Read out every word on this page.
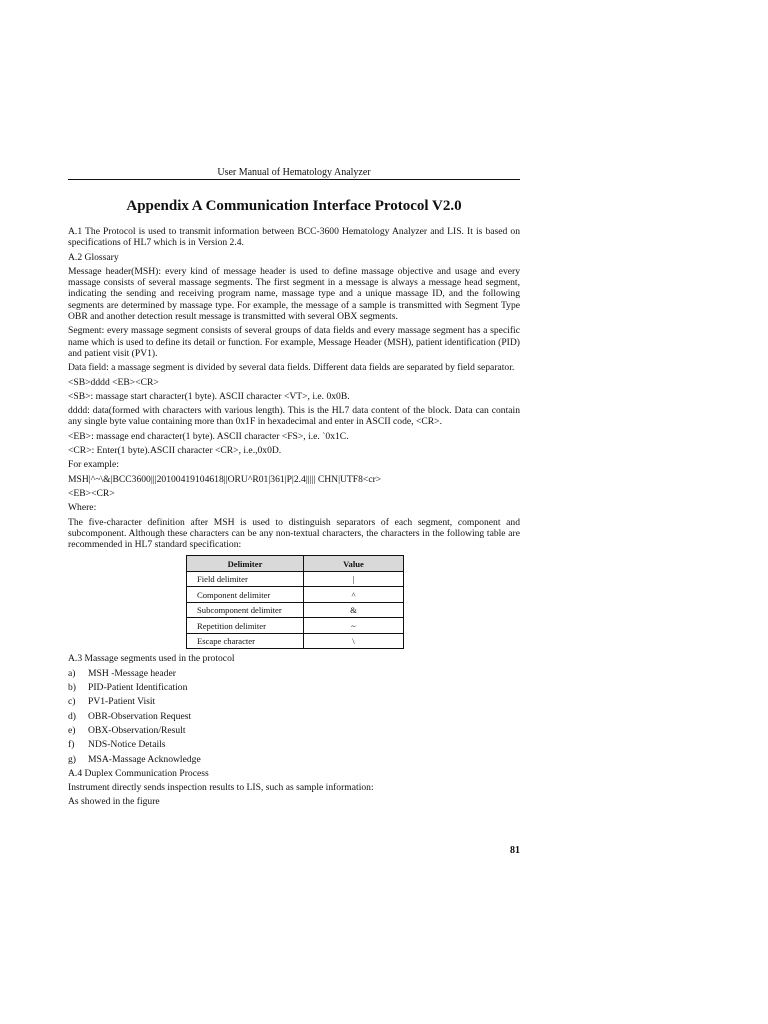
User Manual of Hematology Analyzer
Appendix A Communication Interface Protocol V2.0

A.1 The Protocol is used to transmit information between BCC-3600 Hematology Analyzer and LIS. It is based on specifications of HL7 which is in Version 2.4.

A.2 Glossary

Message header(MSH): every kind of message header is used to define massage objective and usage and every massage consists of several massage segments. The first segment in a message is always a message head segment, indicating the sending and receiving program name, massage type and a unique massage ID, and the following segments are determined by massage type. For example, the message of a sample is transmitted with Segment Type OBR and another detection result message is transmitted with several OBX segments.

Segment: every massage segment consists of several groups of data fields and every massage segment has a specific name which is used to define its detail or function. For example, Message Header (MSH), patient identification (PID) and patient visit (PV1).

Data field: a massage segment is divided by several data fields. Different data fields are separated by field separator.

<SB>dddd <EB><CR>

<SB>: massage start character(1 byte). ASCII character <VT>, i.e. 0x0B.

dddd: data(formed with characters with various length). This is the HL7 data content of the block. Data can contain any single byte value containing more than 0x1F in hexadecimal and enter in ASCII code, <CR>.

<EB>: massage end character(1 byte). ASCII character <FS>, i.e. `0x1C.

<CR>: Enter(1 byte).ASCII character <CR>, i.e.,0x0D.

For example:

MSH|^~\&|BCC3600|||20100419104618||ORU^R01|361|P|2.4||||| CHN|UTF8<cr>

<EB><CR>

Where:

The five-character definition after MSH is used to distinguish separators of each segment, component and subcomponent. Although these characters can be any non-textual characters, the characters in the following table are recommended in HL7 standard specification:

Delimiter	Value
Field delimiter	|
Component delimiter	^
Subcomponent delimiter	&
Repetition delimiter	~
Escape character	\

A.3 Massage segments used in the protocol

a)	MSH -Message header
b)	PID-Patient Identification
c)	PV1-Patient Visit
d)	OBR-Observation Request
e)	OBX-Observation/Result
f)	NDS-Notice Details
g)	MSA-Massage Acknowledge

A.4 Duplex Communication Process

Instrument directly sends inspection results to LIS, such as sample information:

As showed in the figure

81
